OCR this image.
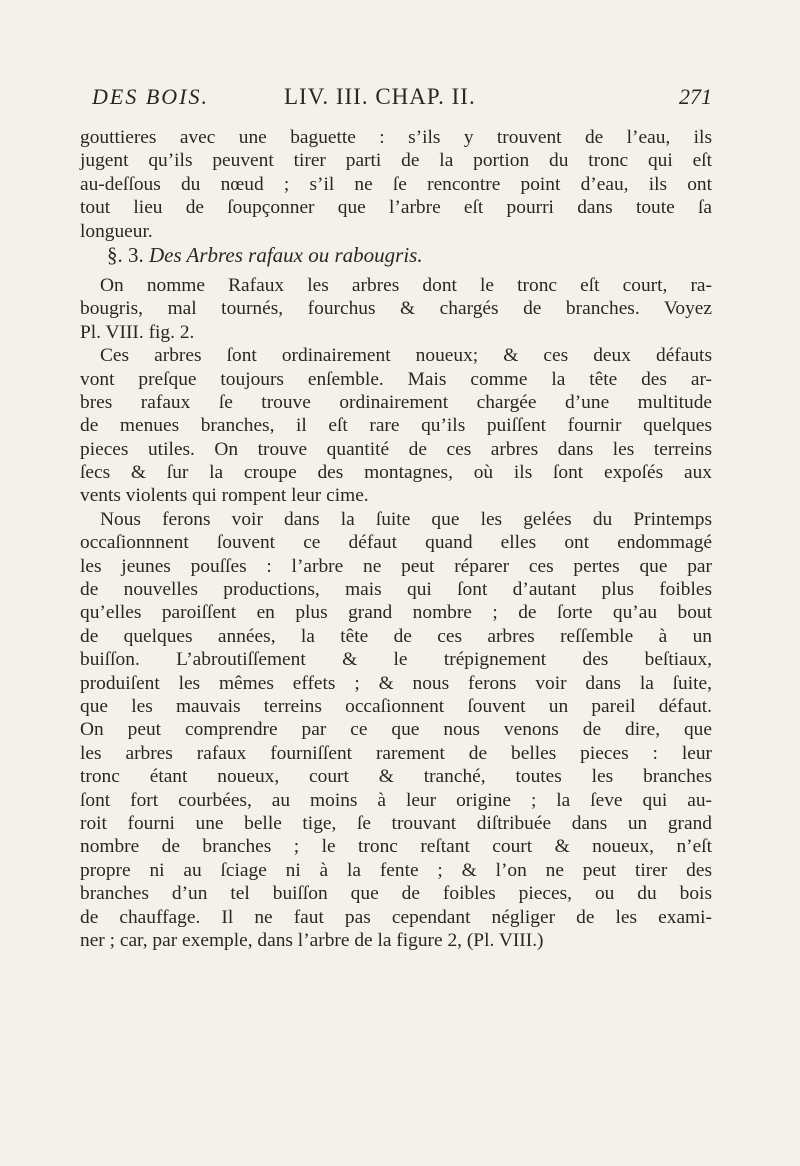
DES BOIS.	LIV. III. CHAP. II.	271
gouttieres avec une baguette : s’ils y trouvent de l’eau, ils
jugent qu’ils peuvent tirer parti de la portion du tronc qui eſt
au-deſſous du nœud ; s’il ne ſe rencontre point d’eau, ils ont
tout lieu de ſoupçonner que l’arbre eſt pourri dans toute ſa
longueur.
§. 3. Des Arbres rafaux ou rabougris.
On nomme Rafaux les arbres dont le tronc eſt court, ra-
bougris, mal tournés, fourchus & chargés de branches. Voyez
Pl. VIII. fig. 2.
Ces arbres ſont ordinairement noueux; & ces deux défauts
vont preſque toujours enſemble. Mais comme la tête des ar-
bres rafaux ſe trouve ordinairement chargée d’une multitude
de menues branches, il eſt rare qu’ils puiſſent fournir quelques
pieces utiles. On trouve quantité de ces arbres dans les terreins
ſecs & ſur la croupe des montagnes, où ils ſont expoſés aux
vents violents qui rompent leur cime.
Nous ferons voir dans la ſuite que les gelées du Printemps
occaſionnnent ſouvent ce défaut quand elles ont endommagé
les jeunes pouſſes : l’arbre ne peut réparer ces pertes que par
de nouvelles productions, mais qui ſont d’autant plus foibles
qu’elles paroiſſent en plus grand nombre ; de ſorte qu’au bout
de quelques années, la tête de ces arbres reſſemble à un
buiſſon. L’abroutiſſement & le trépignement des beſtiaux,
produiſent les mêmes effets ; & nous ferons voir dans la ſuite,
que les mauvais terreins occaſionnent ſouvent un pareil défaut.
On peut comprendre par ce que nous venons de dire, que
les arbres rafaux fourniſſent rarement de belles pieces : leur
tronc étant noueux, court & tranché, toutes les branches
ſont fort courbées, au moins à leur origine ; la ſeve qui au-
roit fourni une belle tige, ſe trouvant diſtribuée dans un grand
nombre de branches ; le tronc reſtant court & noueux, n’eſt
propre ni au ſciage ni à la fente ; & l’on ne peut tirer des
branches d’un tel buiſſon que de foibles pieces, ou du bois
de chauffage. Il ne faut pas cependant négliger de les exami-
ner ; car, par exemple, dans l’arbre de la figure 2, (Pl. VIII.)
